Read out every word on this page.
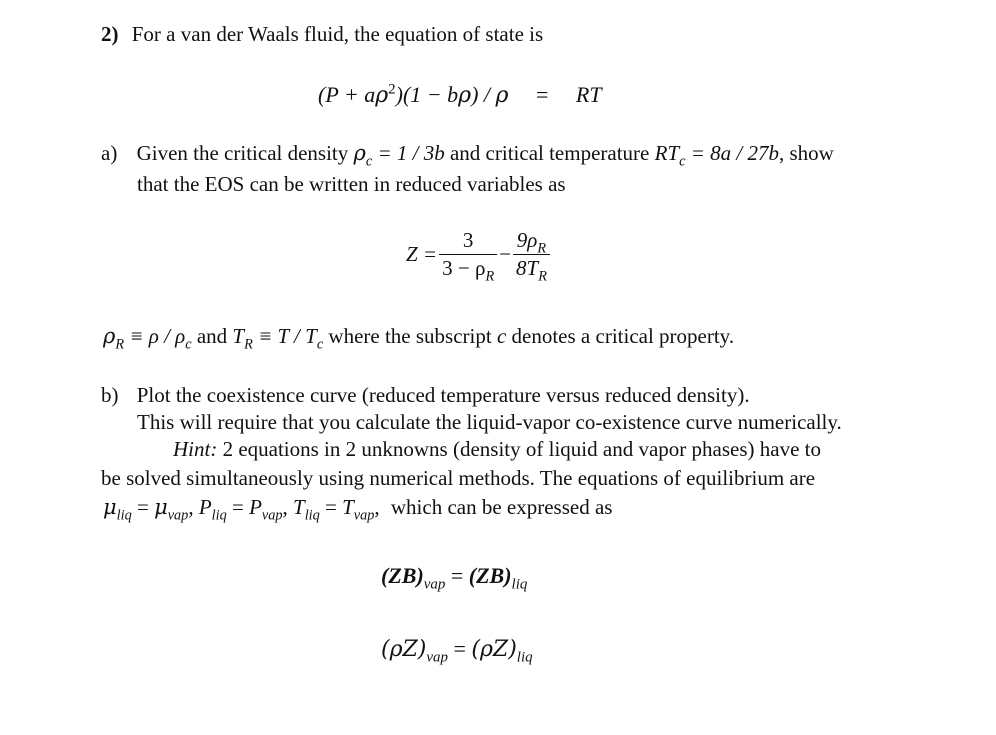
2) For a van der Waals fluid, the equation of state is
$(P + a\rho^2)(1 - b\rho) / \rho$ = RT
a) Given the critical density $\rho_c = 1 / 3b$ and critical temperature $RT_c = 8a / 27b$, show
that the EOS can be written in reduced variables as
$Z = \frac{3}{3 - \rho_R} - \frac{9\rho_R}{8T_R}$
$\rho_R \equiv \rho / \rho_c$ and $T_R \equiv T / T_c$ where the subscript c denotes a critical property.
b) Plot the coexistence curve (reduced temperature versus reduced density).
This will require that you calculate the liquid-vapor co-existence curve numerically.
Hint: 2 equations in 2 unknowns (density of liquid and vapor phases) have to
be solved simultaneously using numerical methods. The equations of equilibrium are
$\mu_{liq} = \mu_{vap}$, $P_{liq} = P_{vap}$, $T_{liq} = T_{vap}$, which can be expressed as
$(ZB)_{vap} = (ZB)_{liq}$
$(\rho Z)_{vap} = (\rho Z)_{liq}$
